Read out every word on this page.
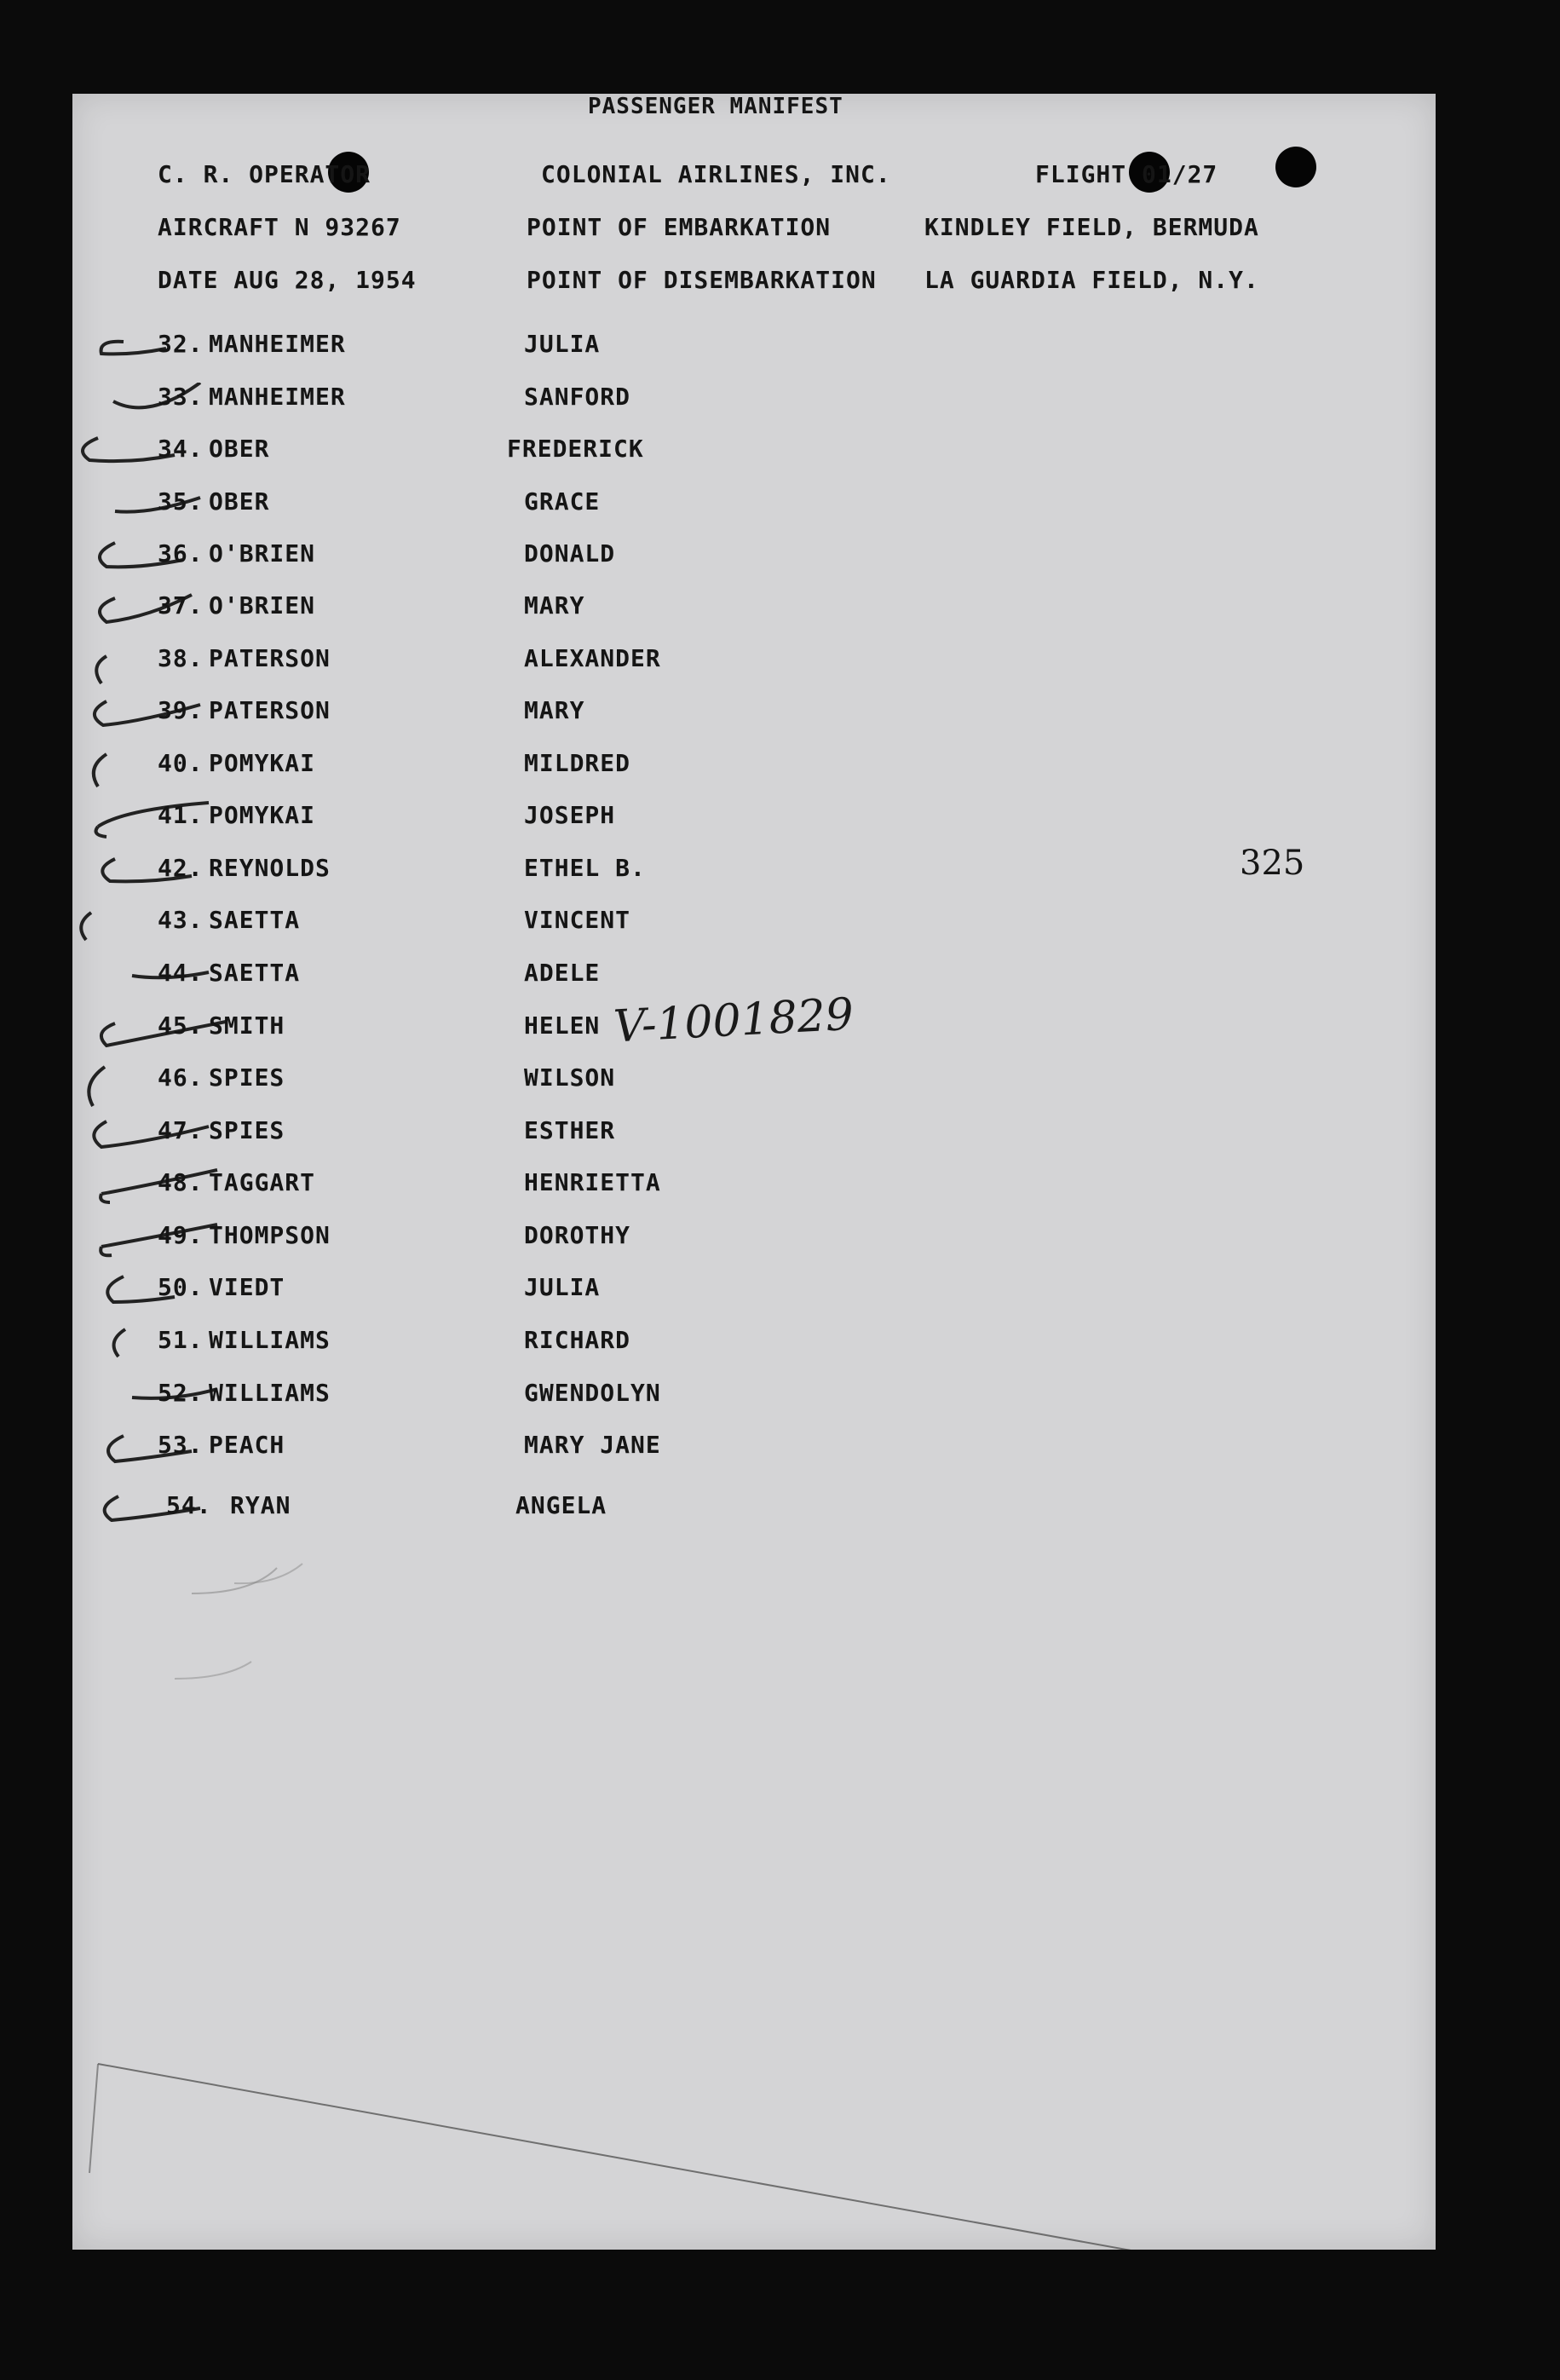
PASSENGER MANIFEST
C. R. OPERATOR	COLONIAL AIRLINES, INC.	FLIGHT 01/27
AIRCRAFT N 93267	POINT OF EMBARKATION	KINDLEY FIELD, BERMUDA
DATE AUG 28, 1954	POINT OF DISEMBARKATION LA GUARDIA FIELD, N.Y.
32. MANHEIMER	JULIA
33. MANHEIMER	SANFORD
34. OBER	FREDERICK
35. OBER	GRACE
36. O'BRIEN	DONALD
37. O'BRIEN	MARY
38. PATERSON	ALEXANDER
39. PATERSON	MARY
40. POMYKAI	MILDRED
41. POMYKAI	JOSEPH
42. REYNOLDS	ETHEL B.
43. SAETTA	VINCENT
44. SAETTA	ADELE
45. SMITH	HELEN
46. SPIES	WILSON
47. SPIES	ESTHER
48. TAGGART	HENRIETTA
49. THOMPSON	DOROTHY
50. VIEDT	JULIA
51. WILLIAMS	RICHARD
52. WILLIAMS	GWENDOLYN
53. PEACH	MARY JANE
54. RYAN	ANGELA
V-1001829
325
